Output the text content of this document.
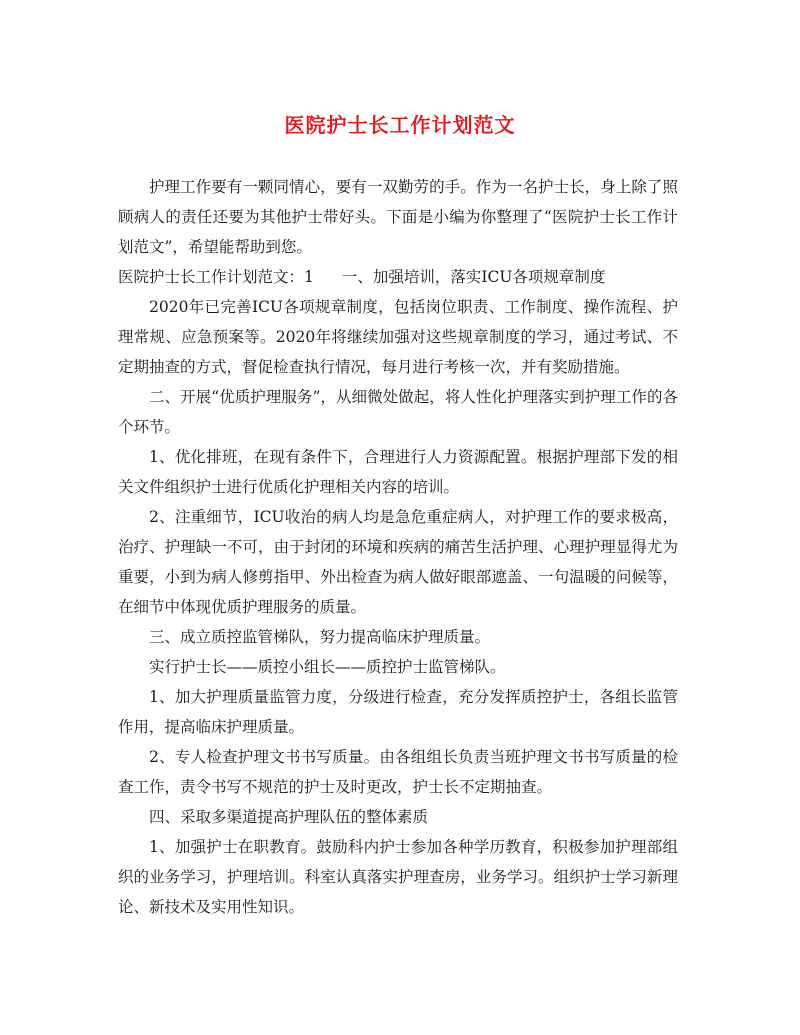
医院护士长工作计划范文

护理工作要有一颗同情心，要有一双勤劳的手。作为一名护士长，身上除了照顾病人的责任还要为其他护士带好头。下面是小编为你整理了“医院护士长工作计划范文”，希望能帮助到您。

医院护士长工作计划范文：1 一、加强培训，落实ICU各项规章制度

2020年已完善ICU各项规章制度，包括岗位职责、工作制度、操作流程、护理常规、应急预案等。2020年将继续加强对这些规章制度的学习，通过考试、不定期抽查的方式，督促检查执行情况，每月进行考核一次，并有奖励措施。

二、开展“优质护理服务”，从细微处做起，将人性化护理落实到护理工作的各个环节。

1、优化排班，在现有条件下，合理进行人力资源配置。根据护理部下发的相关文件组织护士进行优质化护理相关内容的培训。

2、注重细节，ICU收治的病人均是急危重症病人，对护理工作的要求极高，治疗、护理缺一不可，由于封闭的环境和疾病的痛苦生活护理、心理护理显得尤为重要，小到为病人修剪指甲、外出检查为病人做好眼部遮盖、一句温暖的问候等，在细节中体现优质护理服务的质量。

三、成立质控监管梯队，努力提高临床护理质量。

实行护士长——质控小组长——质控护士监管梯队。

1、加大护理质量监管力度，分级进行检查，充分发挥质控护士，各组长监管作用，提高临床护理质量。

2、专人检查护理文书书写质量。由各组组长负责当班护理文书书写质量的检查工作，责令书写不规范的护士及时更改，护士长不定期抽查。

四、采取多渠道提高护理队伍的整体素质

1、加强护士在职教育。鼓励科内护士参加各种学历教育，积极参加护理部组织的业务学习，护理培训。科室认真落实护理查房，业务学习。组织护士学习新理论、新技术及实用性知识。
